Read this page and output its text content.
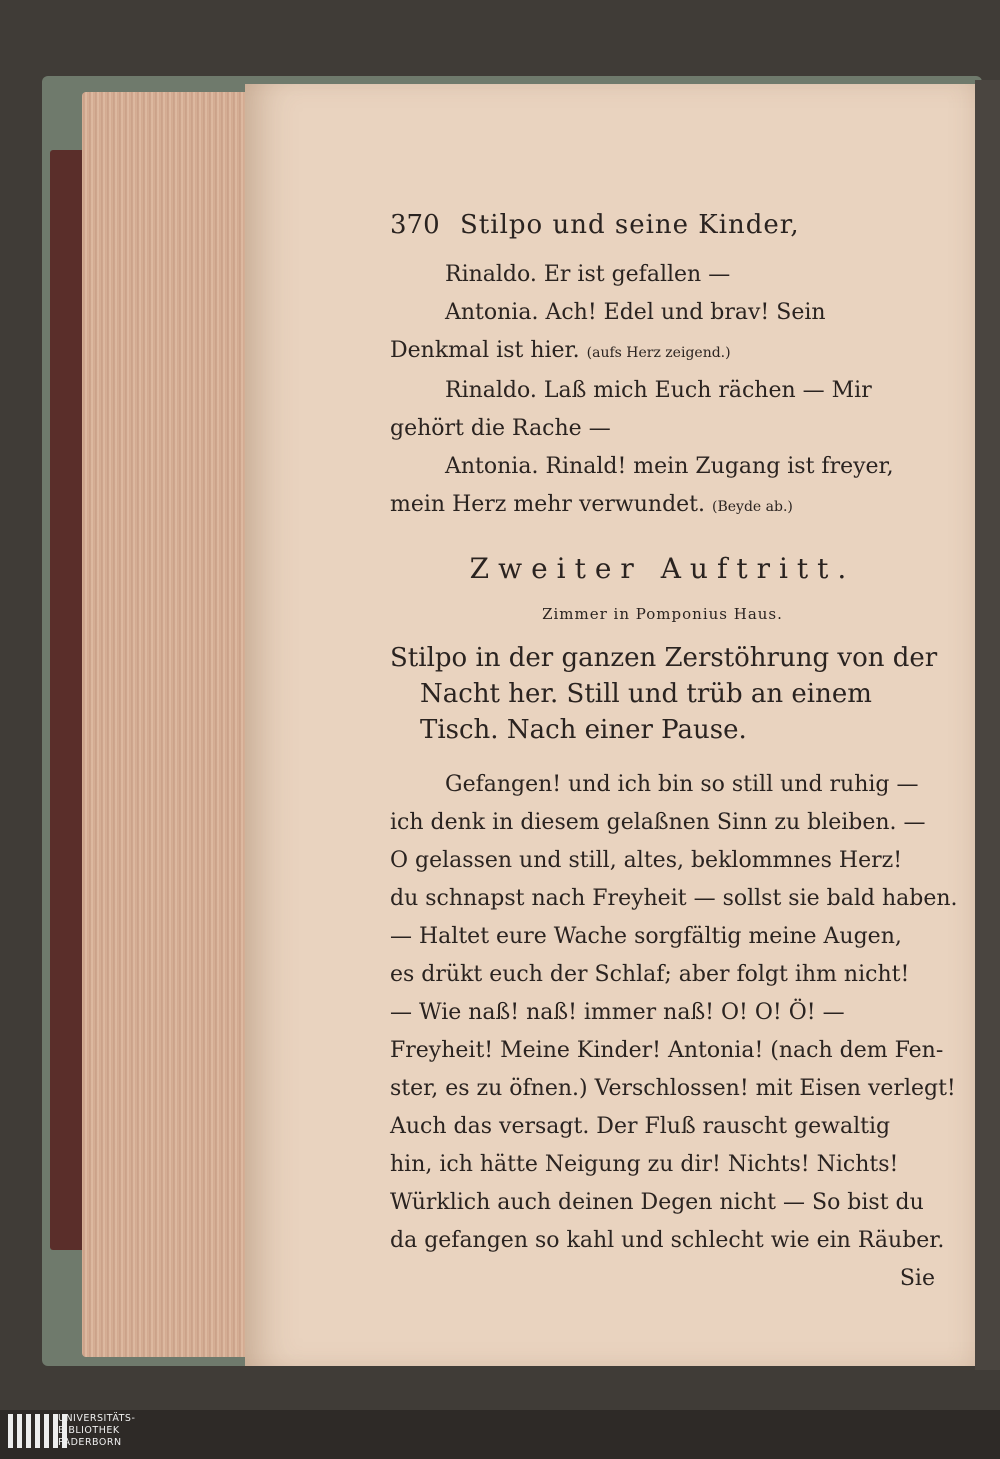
370 Stilpo und seine Kinder,
Rinaldo. Er ist gefallen —
Antonia. Ach! Edel und brav! Sein
Denkmal ist hier. (aufs Herz zeigend.)
Rinaldo. Laß mich Euch rächen — Mir
gehört die Rache —
Antonia. Rinald! mein Zugang ist freyer,
mein Herz mehr verwundet. (Beyde ab.)
Zweiter Auftritt.
Zimmer in Pomponius Haus.
Stilpo in der ganzen Zerstöhrung von der
Nacht her. Still und trüb an einem
Tisch. Nach einer Pause.
Gefangen! und ich bin so still und ruhig —
ich denk in diesem gelaßnen Sinn zu bleiben. —
O gelassen und still, altes, beklommnes Herz!
du schnapst nach Freyheit — sollst sie bald haben.
— Haltet eure Wache sorgfältig meine Augen,
es drükt euch der Schlaf; aber folgt ihm nicht!
— Wie naß! naß! immer naß! O! O! Ö! —
Freyheit! Meine Kinder! Antonia! (nach dem Fen-
ster, es zu öfnen.) Verschlossen! mit Eisen verlegt!
Auch das versagt. Der Fluß rauscht gewaltig
hin, ich hätte Neigung zu dir! Nichts! Nichts!
Würklich auch deinen Degen nicht — So bist du
da gefangen so kahl und schlecht wie ein Räuber.
Sie
UNIVERSITÄTS-
BIBLIOTHEK
PADERBORN
